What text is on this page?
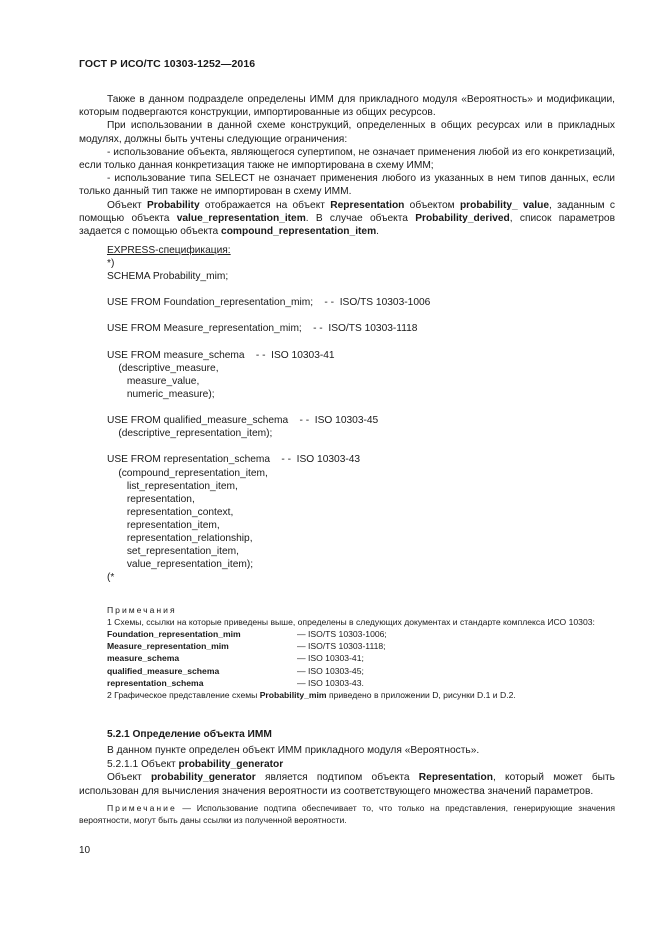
ГОСТ Р ИСО/ТС 10303-1252—2016

Также в данном подразделе определены ИММ для прикладного модуля «Вероятность» и модификации, которым подвергаются конструкции, импортированные из общих ресурсов.

При использовании в данной схеме конструкций, определенных в общих ресурсах или в прикладных модулях, должны быть учтены следующие ограничения:

- использование объекта, являющегося супертипом, не означает применения любой из его конкретизаций, если только данная конкретизация также не импортирована в схему ИММ;

- использование типа SELECT не означает применения любого из указанных в нем типов данных, если только данный тип также не импортирован в схему ИММ.

Объект Probability отображается на объект Representation объектом probability_ value, заданным с помощью объекта value_representation_item. В случае объекта Probability_derived, список параметров задается с помощью объекта compound_representation_item.

EXPRESS-спецификация:
*)
SCHEMA Probability_mim;

USE FROM Foundation_representation_mim;    - -  ISO/TS 10303-1006

USE FROM Measure_representation_mim;    - -  ISO/TS 10303-1118

USE FROM measure_schema    - -  ISO 10303-41
(descriptive_measure,
measure_value,
numeric_measure);

USE FROM qualified_measure_schema    - -  ISO 10303-45
(descriptive_representation_item);

USE FROM representation_schema    - -  ISO 10303-43
(compound_representation_item,
list_representation_item,
representation,
representation_context,
representation_item,
representation_relationship,
set_representation_item,
value_representation_item);
(*

Примечания

1 Схемы, ссылки на которые приведены выше, определены в следующих документах и стандарте комплекса ИСО 10303:

Foundation_representation_mim	— ISO/TS 10303-1006;
Measure_representation_mim	— ISO/TS 10303-1118;
measure_schema	— ISO 10303-41;
qualified_measure_schema	— ISO 10303-45;
representation_schema	— ISO 10303-43.

2 Графическое представление схемы Probability_mim приведено в приложении D, рисунки D.1 и D.2.

5.2.1 Определение объекта ИММ

В данном пункте определен объект ИММ прикладного модуля «Вероятность».

5.2.1.1 Объект probability_generator

Объект probability_generator является подтипом объекта Representation, который может быть использован для вычисления значения вероятности из соответствующего множества значений параметров.

Примечание — Использование подтипа обеспечивает то, что только на представления, генерирующие значения вероятности, могут быть даны ссылки из полученной вероятности.

10
